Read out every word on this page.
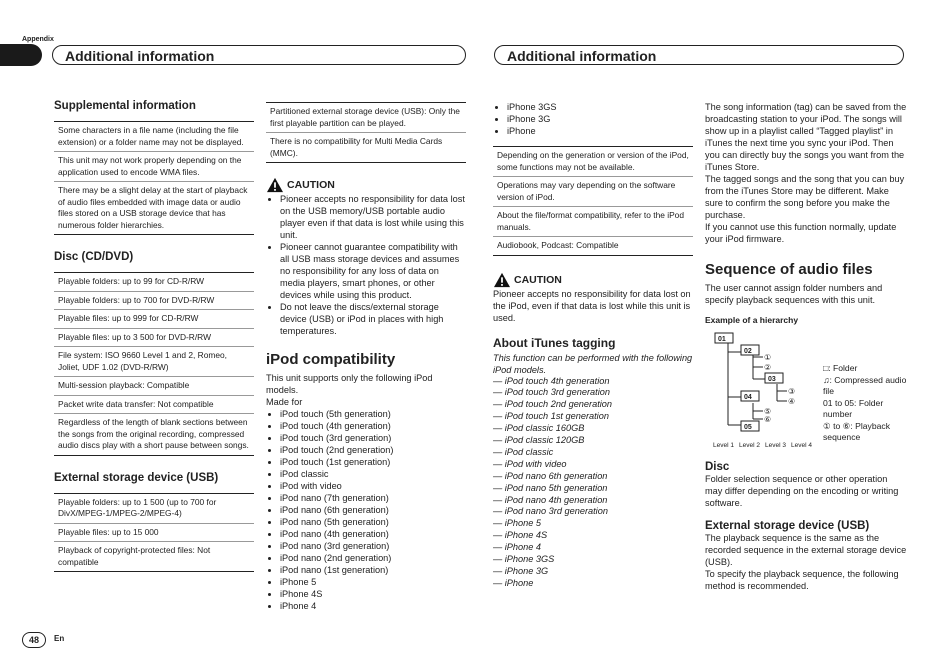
Appendix
Additional information	Additional information
Supplemental information
Some characters in a file name (including the file extension) or a folder name may not be displayed.
This unit may not work properly depending on the application used to encode WMA files.
There may be a slight delay at the start of playback of audio files embedded with image data or audio files stored on a USB storage device that has numerous folder hierarchies.
Disc (CD/DVD)
Playable folders: up to 99 for CD-R/RW
Playable folders: up to 700 for DVD-R/RW
Playable files: up to 999 for CD-R/RW
Playable files: up to 3 500 for DVD-R/RW
File system: ISO 9660 Level 1 and 2, Romeo, Joliet, UDF 1.02 (DVD-R/RW)
Multi-session playback: Compatible
Packet write data transfer: Not compatible
Regardless of the length of blank sections between the songs from the original recording, compressed audio discs play with a short pause between songs.
External storage device (USB)
Playable folders: up to 1 500 (up to 700 for DivX/MPEG-1/MPEG-2/MPEG-4)
Playable files: up to 15 000
Playback of copyright-protected files: Not compatible
Partitioned external storage device (USB): Only the first playable partition can be played.
There is no compatibility for Multi Media Cards (MMC).
CAUTION
• Pioneer accepts no responsibility for data lost on the USB memory/USB portable audio player even if that data is lost while using this unit.
• Pioneer cannot guarantee compatibility with all USB mass storage devices and assumes no responsibility for any loss of data on media players, smart phones, or other devices while using this product.
• Do not leave the discs/external storage device (USB) or iPod in places with high temperatures.
iPod compatibility
This unit supports only the following iPod models.
Made for
• iPod touch (5th generation)
• iPod touch (4th generation)
• iPod touch (3rd generation)
• iPod touch (2nd generation)
• iPod touch (1st generation)
• iPod classic
• iPod with video
• iPod nano (7th generation)
• iPod nano (6th generation)
• iPod nano (5th generation)
• iPod nano (4th generation)
• iPod nano (3rd generation)
• iPod nano (2nd generation)
• iPod nano (1st generation)
• iPhone 5
• iPhone 4S
• iPhone 4
• iPhone 3GS
• iPhone 3G
• iPhone
Depending on the generation or version of the iPod, some functions may not be available.
Operations may vary depending on the software version of iPod.
About the file/format compatibility, refer to the iPod manuals.
Audiobook, Podcast: Compatible
CAUTION
Pioneer accepts no responsibility for data lost on the iPod, even if that data is lost while this unit is used.
About iTunes tagging
This function can be performed with the following iPod models.
— iPod touch 4th generation
— iPod touch 3rd generation
— iPod touch 2nd generation
— iPod touch 1st generation
— iPod classic 160GB
— iPod classic 120GB
— iPod classic
— iPod with video
— iPod nano 6th generation
— iPod nano 5th generation
— iPod nano 4th generation
— iPod nano 3rd generation
— iPhone 5
— iPhone 4S
— iPhone 4
— iPhone 3GS
— iPhone 3G
— iPhone
The song information (tag) can be saved from the broadcasting station to your iPod. The songs will show up in a playlist called “Tagged playlist” in iTunes the next time you sync your iPod. Then you can directly buy the songs you want from the iTunes Store.
The tagged songs and the song that you can buy from the iTunes Store may be different. Make sure to confirm the song before you make the purchase.
If you cannot use this function normally, update your iPod firmware.
Sequence of audio files
The user cannot assign folder numbers and specify playback sequences with this unit.
Example of a hierarchy
01
02
03
04
05
①
②
③
④
⑤
⑥
Level 1 Level 2 Level 3 Level 4
□: Folder
♫: Compressed audio file
01 to 05: Folder number
① to ⑥: Playback sequence
Disc
Folder selection sequence or other operation may differ depending on the encoding or writing software.
External storage device (USB)
The playback sequence is the same as the recorded sequence in the external storage device (USB).
To specify the playback sequence, the following method is recommended.
48	En
